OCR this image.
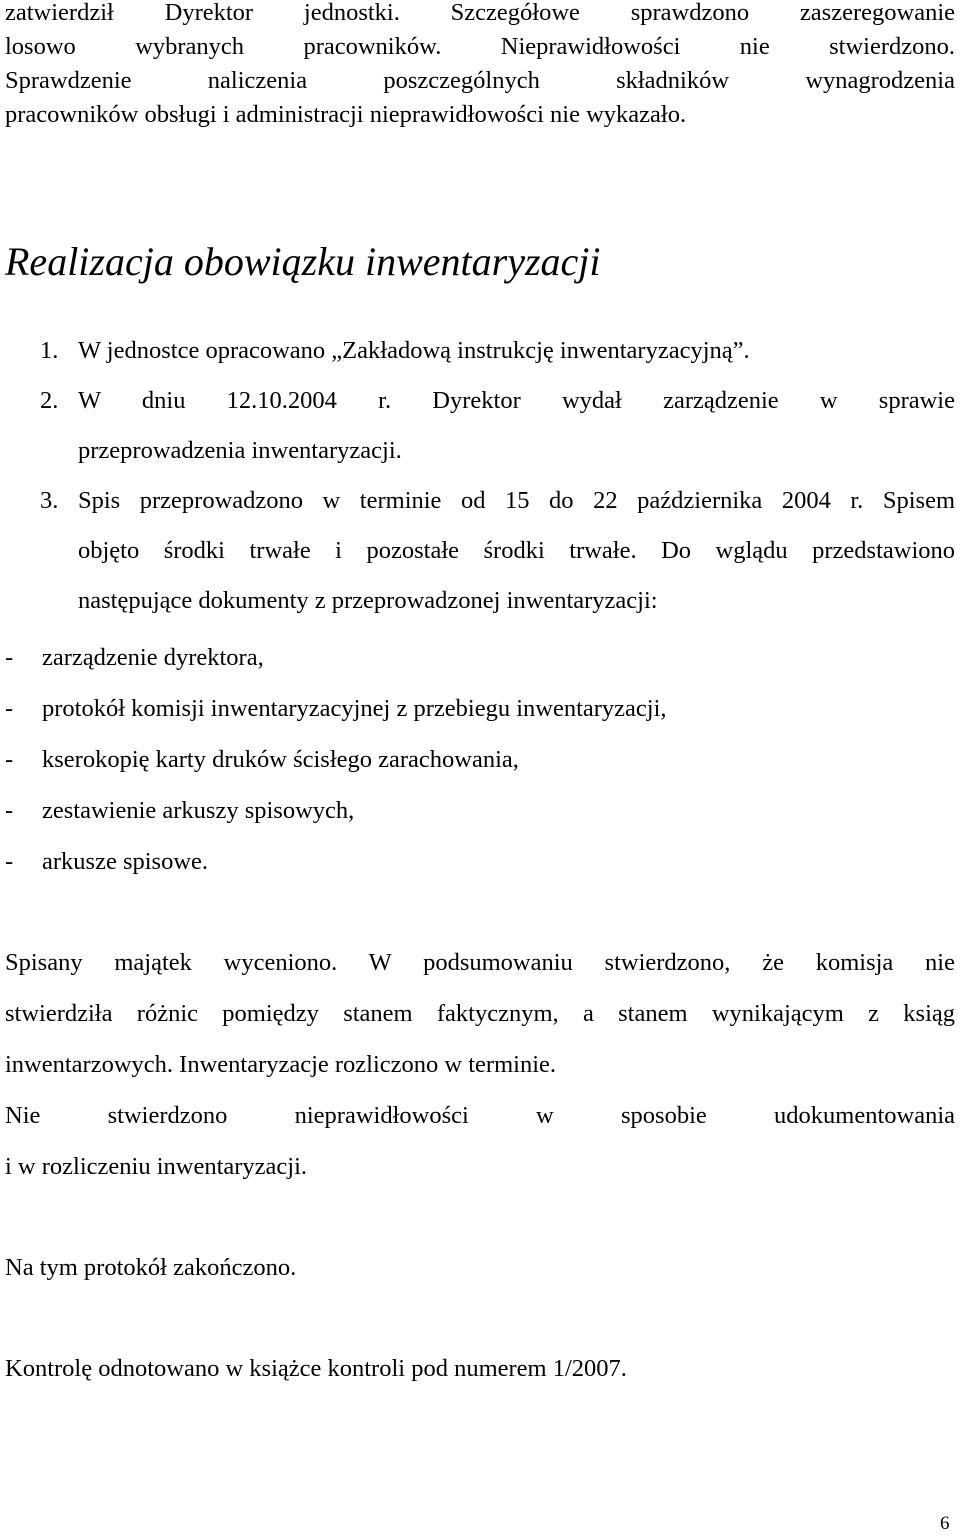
zatwierdził Dyrektor jednostki. Szczegółowe sprawdzono zaszeregowanie
losowo wybranych pracowników. Nieprawidłowości nie stwierdzono.
Sprawdzenie naliczenia poszczególnych składników wynagrodzenia
pracowników obsługi i administracji nieprawidłowości nie wykazało.
Realizacja obowiązku inwentaryzacji
1. W jednostce opracowano „Zakładową instrukcję inwentaryzacyjną”.
2. W dniu 12.10.2004 r. Dyrektor wydał zarządzenie w sprawie
przeprowadzenia inwentaryzacji.
3. Spis przeprowadzono w terminie od 15 do 22 października 2004 r. Spisem
objęto środki trwałe i pozostałe środki trwałe. Do wglądu przedstawiono
następujące dokumenty z przeprowadzonej inwentaryzacji:
- zarządzenie dyrektora,
- protokół komisji inwentaryzacyjnej z przebiegu inwentaryzacji,
- kserokopię karty druków ścisłego zarachowania,
- zestawienie arkuszy spisowych,
- arkusze spisowe.
Spisany majątek wyceniono. W podsumowaniu stwierdzono, że komisja nie
stwierdziła różnic pomiędzy stanem faktycznym, a stanem wynikającym z ksiąg
inwentarzowych. Inwentaryzacje rozliczono w terminie.
Nie stwierdzono nieprawidłowości w sposobie udokumentowania
i w rozliczeniu inwentaryzacji.
Na tym protokół zakończono.
Kontrolę odnotowano w książce kontroli pod numerem 1/2007.
6
